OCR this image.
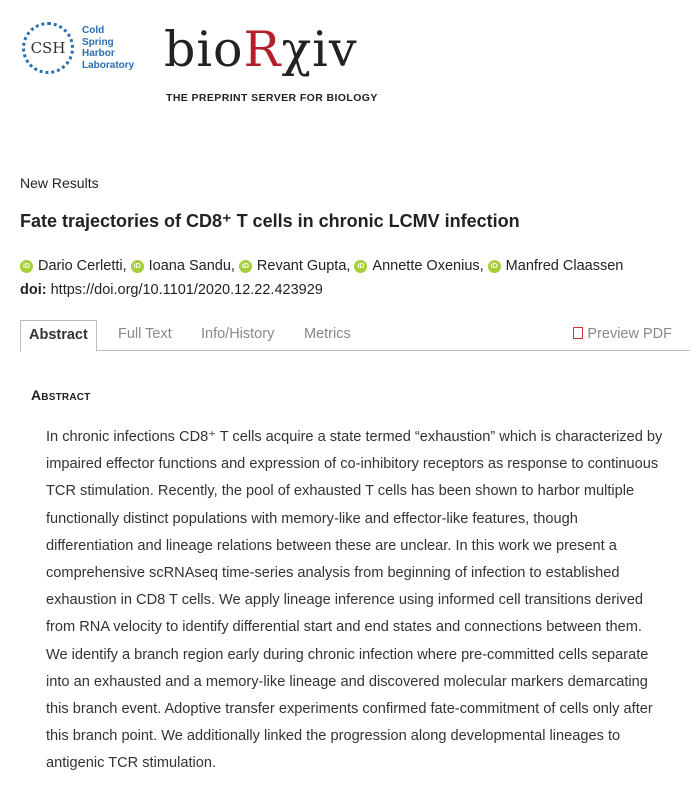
CSH
Cold
Spring
Harbor
Laboratory bioRχiv
THE PREPRINT SERVER FOR BIOLOGY
New Results
Fate trajectories of CD8⁺ T cells in chronic LCMV infection
iD Dario Cerletti,	iD Ioana Sandu,	iD Revant Gupta,	iD Annette Oxenius,	iD Manfred Claassen
doi: https://doi.org/10.1101/2020.12.22.423929
Abstract	Full Text Info/History Metrics	Preview PDF
Abstract
In chronic infections CD8⁺ T cells acquire a state termed “exhaustion” which is characterized by
impaired effector functions and expression of co-inhibitory receptors as response to continuous
TCR stimulation. Recently, the pool of exhausted T cells has been shown to harbor multiple
functionally distinct populations with memory-like and effector-like features, though
differentiation and lineage relations between these are unclear. In this work we present a
comprehensive scRNAseq time-series analysis from beginning of infection to established
exhaustion in CD8 T cells. We apply lineage inference using informed cell transitions derived
from RNA velocity to identify differential start and end states and connections between them.
We identify a branch region early during chronic infection where pre-committed cells separate
into an exhausted and a memory-like lineage and discovered molecular markers demarcating
this branch event. Adoptive transfer experiments confirmed fate-commitment of cells only after
this branch point. We additionally linked the progression along developmental lineages to
antigenic TCR stimulation.
